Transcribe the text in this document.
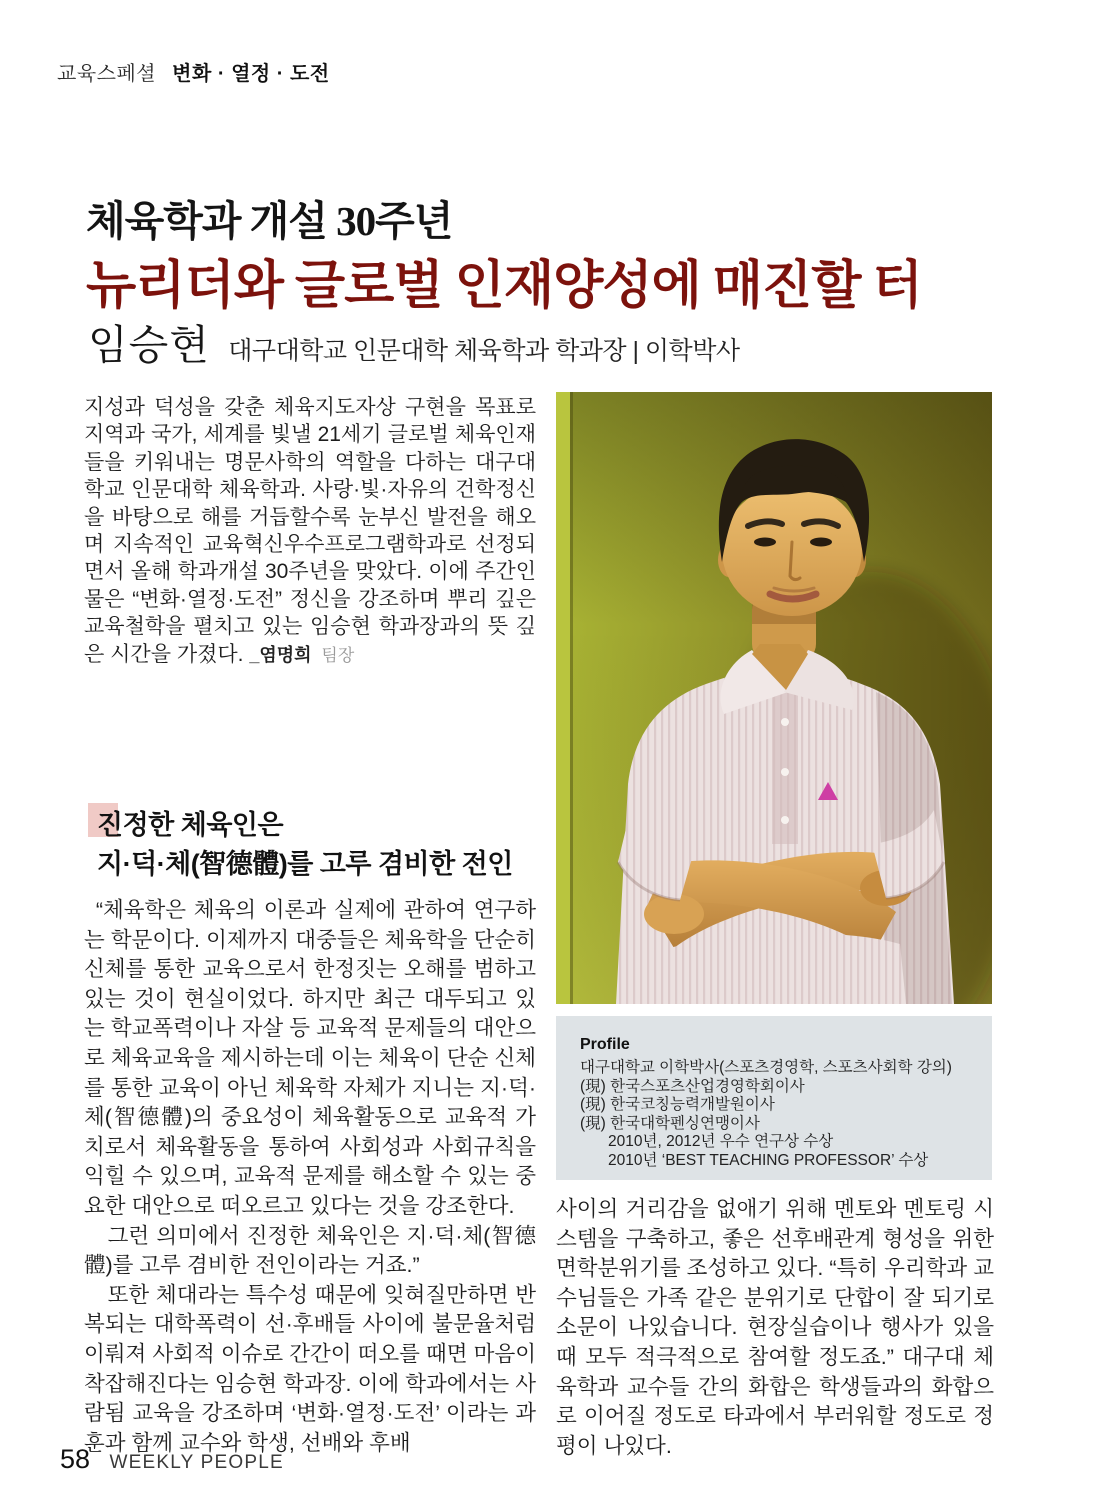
교육스페셜 변화 · 열정 · 도전
체육학과 개설 30주년
뉴리더와 글로벌 인재양성에 매진할 터
임승현 대구대학교 인문대학 체육학과 학과장 | 이학박사

지성과 덕성을 갖춘 체육지도자상 구현을 목표로 지역과 국가, 세계를 빛낼 21세기 글로벌 체육인재들을 키워내는 명문사학의 역할을 다하는 대구대학교 인문대학 체육학과. 사랑·빛·자유의 건학정신을 바탕으로 해를 거듭할수록 눈부신 발전을 해오며 지속적인 교육혁신우수프로그램학과로 선정되면서 올해 학과개설 30주년을 맞았다. 이에 주간인물은 “변화·열정·도전” 정신을 강조하며 뿌리 깊은 교육철학을 펼치고 있는 임승현 학과장과의 뜻 깊은 시간을 가졌다. _염명희 팀장

진정한 체육인은
지·덕·체(智德體)를 고루 겸비한 전인

“체육학은 체육의 이론과 실제에 관하여 연구하는 학문이다. 이제까지 대중들은 체육학을 단순히 신체를 통한 교육으로서 한정짓는 오해를 범하고 있는 것이 현실이었다. 하지만 최근 대두되고 있는 학교폭력이나 자살 등 교육적 문제들의 대안으로 체육교육을 제시하는데 이는 체육이 단순 신체를 통한 교육이 아닌 체육학 자체가 지니는 지·덕·체(智德體)의 중요성이 체육활동으로 교육적 가치로서 체육활동을 통하여 사회성과 사회규칙을 익힐 수 있으며, 교육적 문제를 해소할 수 있는 중요한 대안으로 떠오르고 있다는 것을 강조한다.

그런 의미에서 진정한 체육인은 지·덕·체(智德體)를 고루 겸비한 전인이라는 거죠.”

또한 체대라는 특수성 때문에 잊혀질만하면 반복되는 대학폭력이 선·후배들 사이에 불문율처럼 이뤄져 사회적 이슈로 간간이 떠오를 때면 마음이 착잡해진다는 임승현 학과장. 이에 학과에서는 사람됨 교육을 강조하며 ‘변화·열정·도전’ 이라는 과 훈과 함께 교수와 학생, 선배와 후배

Profile

대구대학교 이학박사(스포츠경영학, 스포츠사회학 강의)

(現) 한국스포츠산업경영학회이사

(現) 한국코칭능력개발원이사

(現) 한국대학펜싱연맹이사

2010년, 2012년 우수 연구상 수상

2010년 ‘BEST TEACHING PROFESSOR’ 수상

사이의 거리감을 없애기 위해 멘토와 멘토링 시스템을 구축하고, 좋은 선후배관계 형성을 위한 면학분위기를 조성하고 있다. “특히 우리학과 교수님들은 가족 같은 분위기로 단합이 잘 되기로 소문이 나있습니다. 현장실습이나 행사가 있을 때 모두 적극적으로 참여할 정도죠.” 대구대 체육학과 교수들 간의 화합은 학생들과의 화합으로 이어질 정도로 타과에서 부러워할 정도로 정평이 나있다.

58 WEEKLY PEOPLE
